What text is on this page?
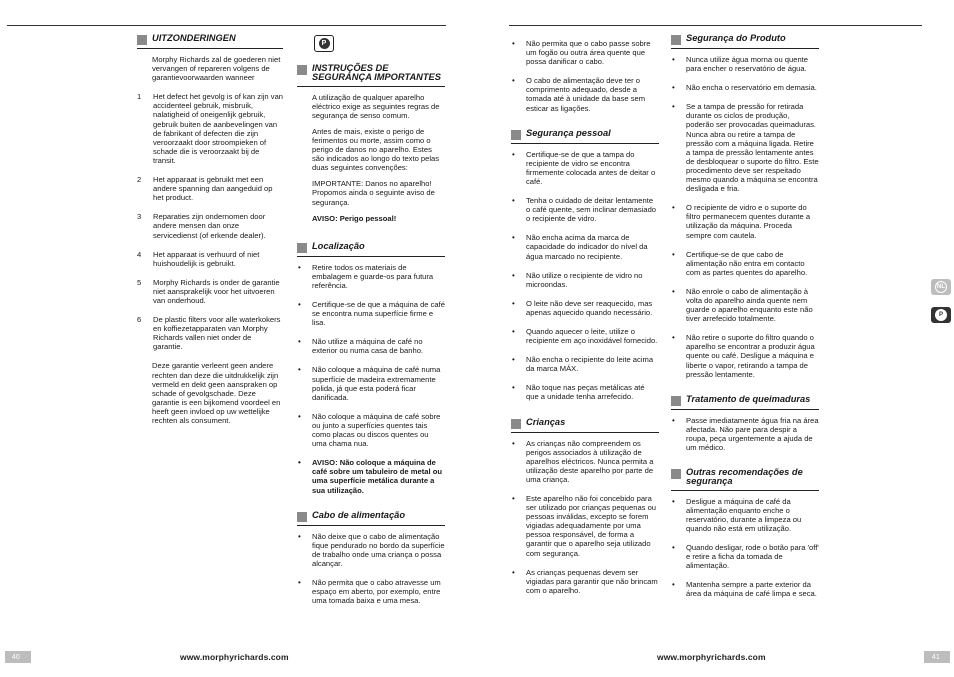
UITZONDERINGEN
Morphy Richards zal de goederen niet vervangen of repareren volgens de garantievoorwaarden wanneer
1	Het defect het gevolg is of kan zijn van accidenteel gebruik, misbruik, nalatigheid of oneigenlijk gebruik, gebruik buiten de aanbevelingen van de fabrikant of defecten die zijn veroorzaakt door stroompieken of schade die is veroorzaakt bij de transit.
2	Het apparaat is gebruikt met een andere spanning dan aangeduid op het product.
3	Reparaties zijn ondernomen door andere mensen dan onze servicedienst (of erkende dealer).
4	Het apparaat is verhuurd of niet huishoudelijk is gebruikt.
5	Morphy Richards is onder de garantie niet aansprakelijk voor het uitvoeren van onderhoud.
6	De plastic filters voor alle waterkokers en koffiezetapparaten van Morphy Richards vallen niet onder de garantie.
Deze garantie verleent geen andere rechten dan deze die uitdrukkelijk zijn vermeld en dekt geen aanspraken op schade of gevolgschade. Deze garantie is een bijkomend voordeel en heeft geen invloed op uw wettelijke rechten als consument.
P
INSTRUÇÕES DE SEGURANÇA IMPORTANTES
A utilização de qualquer aparelho eléctrico exige as seguintes regras de segurança de senso comum.
Antes de mais, existe o perigo de ferimentos ou morte, assim como o perigo de danos no aparelho. Estes são indicados ao longo do texto pelas duas seguintes convenções:
IMPORTANTE: Danos no aparelho! Propomos ainda o seguinte aviso de segurança.
AVISO: Perigo pessoal!
Localização
• Retire todos os materiais de embalagem e guarde-os para futura referência.
• Certifique-se de que a máquina de café se encontra numa superfície firme e lisa.
• Não utilize a máquina de café no exterior ou numa casa de banho.
• Não coloque a máquina de café numa superfície de madeira extremamente polida, já que esta poderá ficar danificada.
• Não coloque a máquina de café sobre ou junto a superfícies quentes tais como placas ou discos quentes ou uma chama nua.
• AVISO: Não coloque a máquina de café sobre um tabuleiro de metal ou uma superfície metálica durante a sua utilização.
Cabo de alimentação
• Não deixe que o cabo de alimentação fique pendurado no bordo da superfície de trabalho onde uma criança o possa alcançar.
• Não permita que o cabo atravesse um espaço em aberto, por exemplo, entre uma tomada baixa e uma mesa.
• Não permita que o cabo passe sobre um fogão ou outra área quente que possa danificar o cabo.
• O cabo de alimentação deve ter o comprimento adequado, desde a tomada até à unidade da base sem esticar as ligações.
Segurança pessoal
• Certifique-se de que a tampa do recipiente de vidro se encontra firmemente colocada antes de deitar o café.
• Tenha o cuidado de deitar lentamente o café quente, sem inclinar demasiado o recipiente de vidro.
• Não encha acima da marca de capacidade do indicador do nível da água marcado no recipiente.
• Não utilize o recipiente de vidro no microondas.
• O leite não deve ser reaquecido, mas apenas aquecido quando necessário.
• Quando aquecer o leite, utilize o recipiente em aço inoxidável fornecido.
• Não encha o recipiente do leite acima da marca MÁX.
• Não toque nas peças metálicas até que a unidade tenha arrefecido.
Crianças
• As crianças não compreendem os perigos associados à utilização de aparelhos eléctricos. Nunca permita a utilização deste aparelho por parte de uma criança.
• Este aparelho não foi concebido para ser utilizado por crianças pequenas ou pessoas inválidas, excepto se forem vigiadas adequadamente por uma pessoa responsável, de forma a garantir que o aparelho seja utilizado com segurança.
• As crianças pequenas devem ser vigiadas para garantir que não brincam com o aparelho.
Segurança do Produto
• Nunca utilize água morna ou quente para encher o reservatório de água.
• Não encha o reservatório em demasia.
• Se a tampa de pressão for retirada durante os ciclos de produção, poderão ser provocadas queimaduras. Nunca abra ou retire a tampa de pressão com a máquina ligada. Retire a tampa de pressão lentamente antes de desbloquear o suporte do filtro. Este procedimento deve ser respeitado mesmo quando a máquina se encontra desligada e fria.
• O recipiente de vidro e o suporte do filtro permanecem quentes durante a utilização da máquina. Proceda sempre com cautela.
• Certifique-se de que cabo de alimentação não entra em contacto com as partes quentes do aparelho.
• Não enrole o cabo de alimentação à volta do aparelho ainda quente nem guarde o aparelho enquanto este não tiver arrefecido totalmente.
• Não retire o suporte do filtro quando o aparelho se encontrar a produzir água quente ou café. Desligue a máquina e liberte o vapor, retirando a tampa de pressão lentamente.
Tratamento de queimaduras
• Passe imediatamente água fria na área afectada. Não pare para despir a roupa, peça urgentemente a ajuda de um médico.
Outras recomendações de segurança
• Desligue a máquina de café da alimentação enquanto enche o reservatório, durante a limpeza ou quando não está em utilização.
• Quando desligar, rode o botão para 'off' e retire a ficha da tomada de alimentação.
• Mantenha sempre a parte exterior da área da máquina de café limpa e seca.
NL
P
40	www.morphyrichards.com	41
www.morphyrichards.com
